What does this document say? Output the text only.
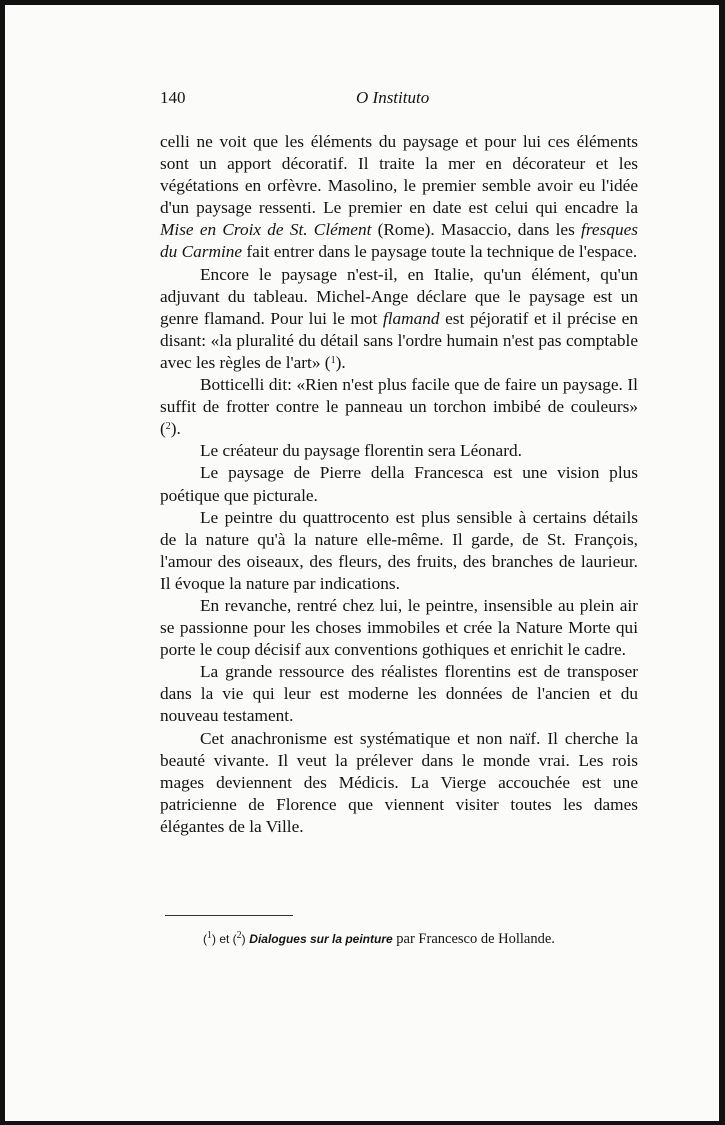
140	O Instituto

celli ne voit que les éléments du paysage et pour lui ces éléments sont un apport décoratif. Il traite la mer en décorateur et les végétations en orfèvre. Masolino, le premier semble avoir eu l'idée d'un paysage ressenti. Le premier en date est celui qui encadre la Mise en Croix de St. Clément (Rome). Masaccio, dans les fresques du Carmine fait entrer dans le paysage toute la technique de l'espace.

Encore le paysage n'est-il, en Italie, qu'un élément, qu'un adjuvant du tableau. Michel-Ange déclare que le paysage est un genre flamand. Pour lui le mot flamand est péjoratif et il précise en disant: «la pluralité du détail sans l'ordre humain n'est pas comptable avec les règles de l'art» ($^1$).

Botticelli dit: «Rien n'est plus facile que de faire un paysage. Il suffit de frotter contre le panneau un torchon imbibé de couleurs» ($^2$).

Le créateur du paysage florentin sera Léonard.

Le paysage de Pierre della Francesca est une vision plus poétique que picturale.

Le peintre du quattrocento est plus sensible à certains détails de la nature qu'à la nature elle-même. Il garde, de St. François, l'amour des oiseaux, des fleurs, des fruits, des branches de laurieur. Il évoque la nature par indications.

En revanche, rentré chez lui, le peintre, insensible au plein air se passionne pour les choses immobiles et crée la Nature Morte qui porte le coup décisif aux conventions gothiques et enrichit le cadre.

La grande ressource des réalistes florentins est de transposer dans la vie qui leur est moderne les données de l'ancien et du nouveau testament.

Cet anachronisme est systématique et non naïf. Il cherche la beauté vivante. Il veut la prélever dans le monde vrai. Les rois mages deviennent des Médicis. La Vierge accouchée est une patricienne de Florence que viennent visiter toutes les dames élégantes de la Ville.

($^1$) et ($^2$) Dialogues sur la peinture par Francesco de Hollande.
